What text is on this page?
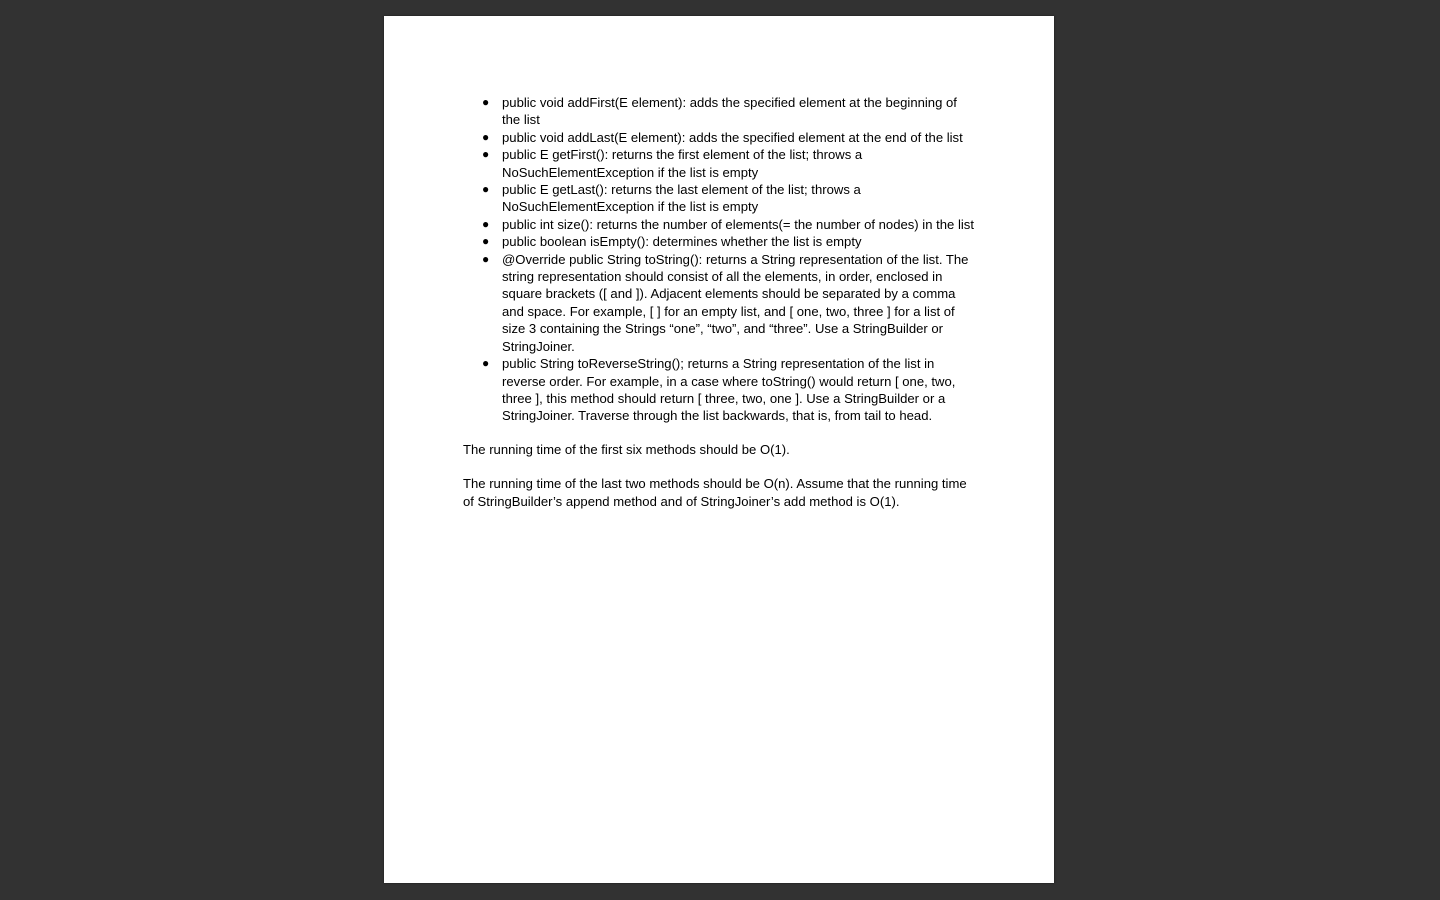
● public void addFirst(E element): adds the specified element at the beginning of the list
● public void addLast(E element): adds the specified element at the end of the list
● public E getFirst(): returns the first element of the list; throws a NoSuchElementException if the list is empty
● public E getLast(): returns the last element of the list; throws a NoSuchElementException if the list is empty
● public int size(): returns the number of elements(= the number of nodes) in the list
● public boolean isEmpty(): determines whether the list is empty
● @Override public String toString(): returns a String representation of the list. The string representation should consist of all the elements, in order, enclosed in square brackets ([ and ]). Adjacent elements should be separated by a comma and space. For example, [ ] for an empty list, and [ one, two, three ] for a list of size 3 containing the Strings “one”, “two”, and “three”. Use a StringBuilder or StringJoiner.
● public String toReverseString(); returns a String representation of the list in reverse order. For example, in a case where toString() would return [ one, two, three ], this method should return [ three, two, one ]. Use a StringBuilder or a StringJoiner. Traverse through the list backwards, that is, from tail to head.

The running time of the first six methods should be O(1).

The running time of the last two methods should be O(n). Assume that the running time of StringBuilder’s append method and of StringJoiner’s add method is O(1).
